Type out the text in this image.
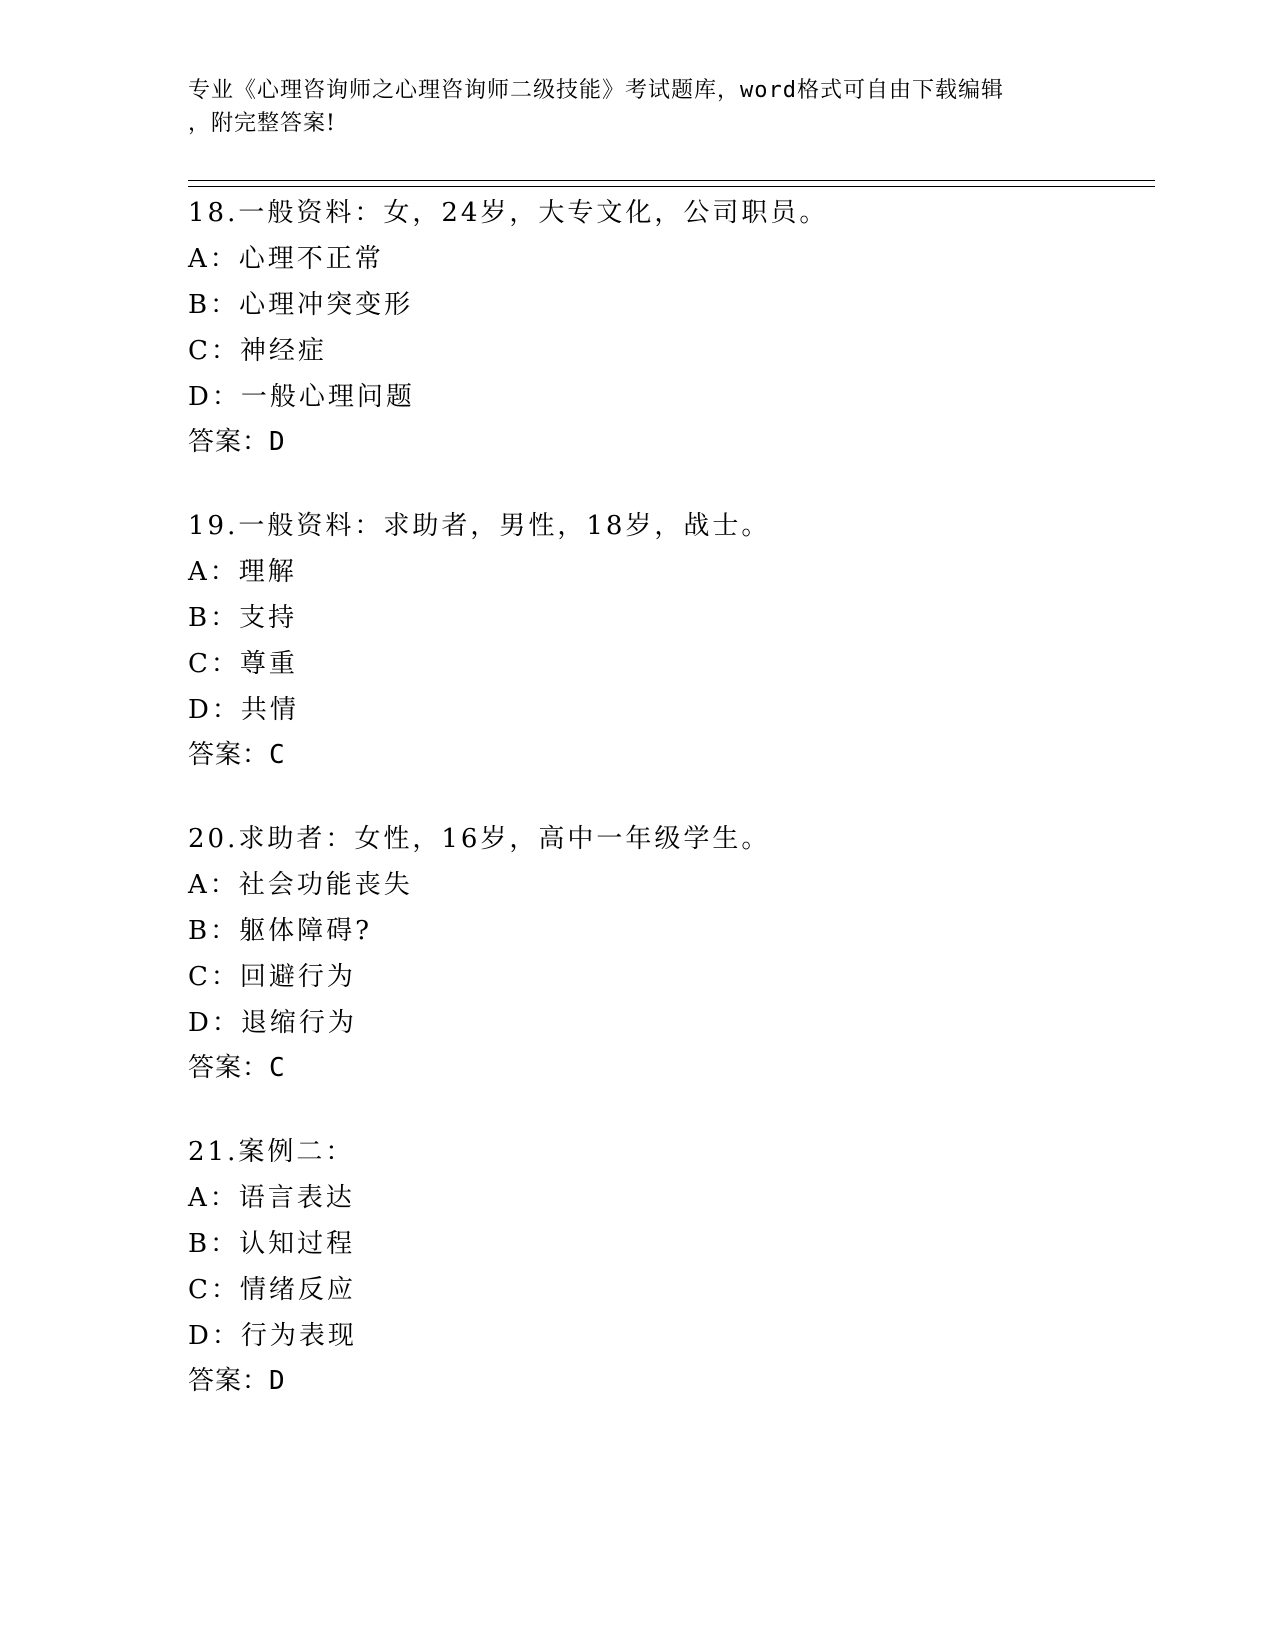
专业《心理咨询师之心理咨询师二级技能》考试题库，word格式可自由下载编辑
，附完整答案!
18.一般资料：女，24岁，大专文化，公司职员。
A：心理不正常
B：心理冲突变形
C：神经症
D：一般心理问题
答案：D
19.一般资料：求助者，男性，18岁，战士。
A：理解
B：支持
C：尊重
D：共情
答案：C
20.求助者：女性，16岁，高中一年级学生。
A：社会功能丧失
B：躯体障碍?
C：回避行为
D：退缩行为
答案：C
21.案例二：
A：语言表达
B：认知过程
C：情绪反应
D：行为表现
答案：D
